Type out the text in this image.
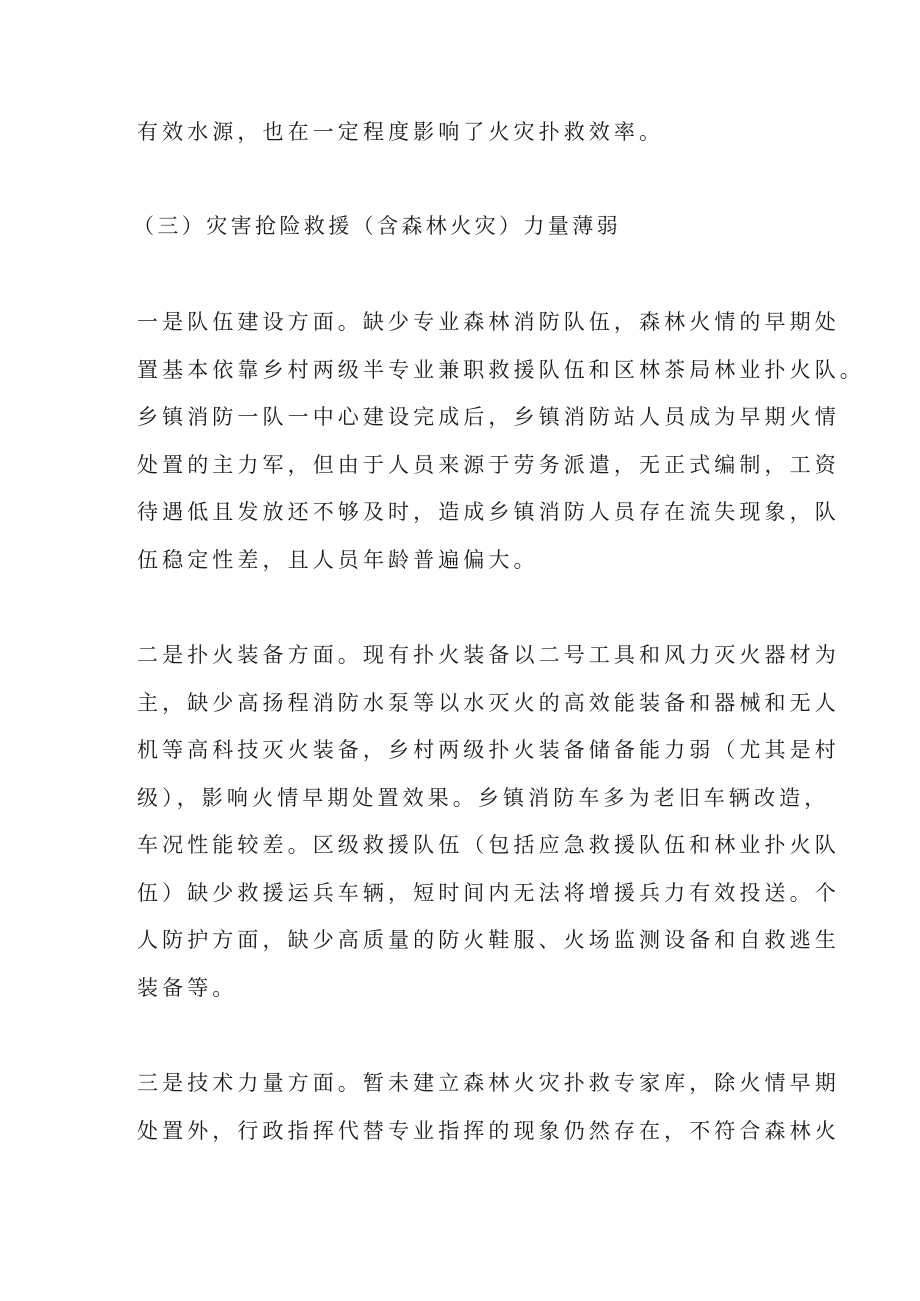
有效水源，也在一定程度影响了火灾扑救效率。
（三）灾害抢险救援（含森林火灾）力量薄弱
一是队伍建设方面。缺少专业森林消防队伍，森林火情的早期处
置基本依靠乡村两级半专业兼职救援队伍和区林茶局林业扑火队。
乡镇消防一队一中心建设完成后，乡镇消防站人员成为早期火情
处置的主力军，但由于人员来源于劳务派遣，无正式编制，工资
待遇低且发放还不够及时，造成乡镇消防人员存在流失现象，队
伍稳定性差，且人员年龄普遍偏大。
二是扑火装备方面。现有扑火装备以二号工具和风力灭火器材为
主，缺少高扬程消防水泵等以水灭火的高效能装备和器械和无人
机等高科技灭火装备，乡村两级扑火装备储备能力弱（尤其是村
级），影响火情早期处置效果。乡镇消防车多为老旧车辆改造，
车况性能较差。区级救援队伍（包括应急救援队伍和林业扑火队
伍）缺少救援运兵车辆，短时间内无法将增援兵力有效投送。个
人防护方面，缺少高质量的防火鞋服、火场监测设备和自救逃生
装备等。
三是技术力量方面。暂未建立森林火灾扑救专家库，除火情早期
处置外，行政指挥代替专业指挥的现象仍然存在，不符合森林火
